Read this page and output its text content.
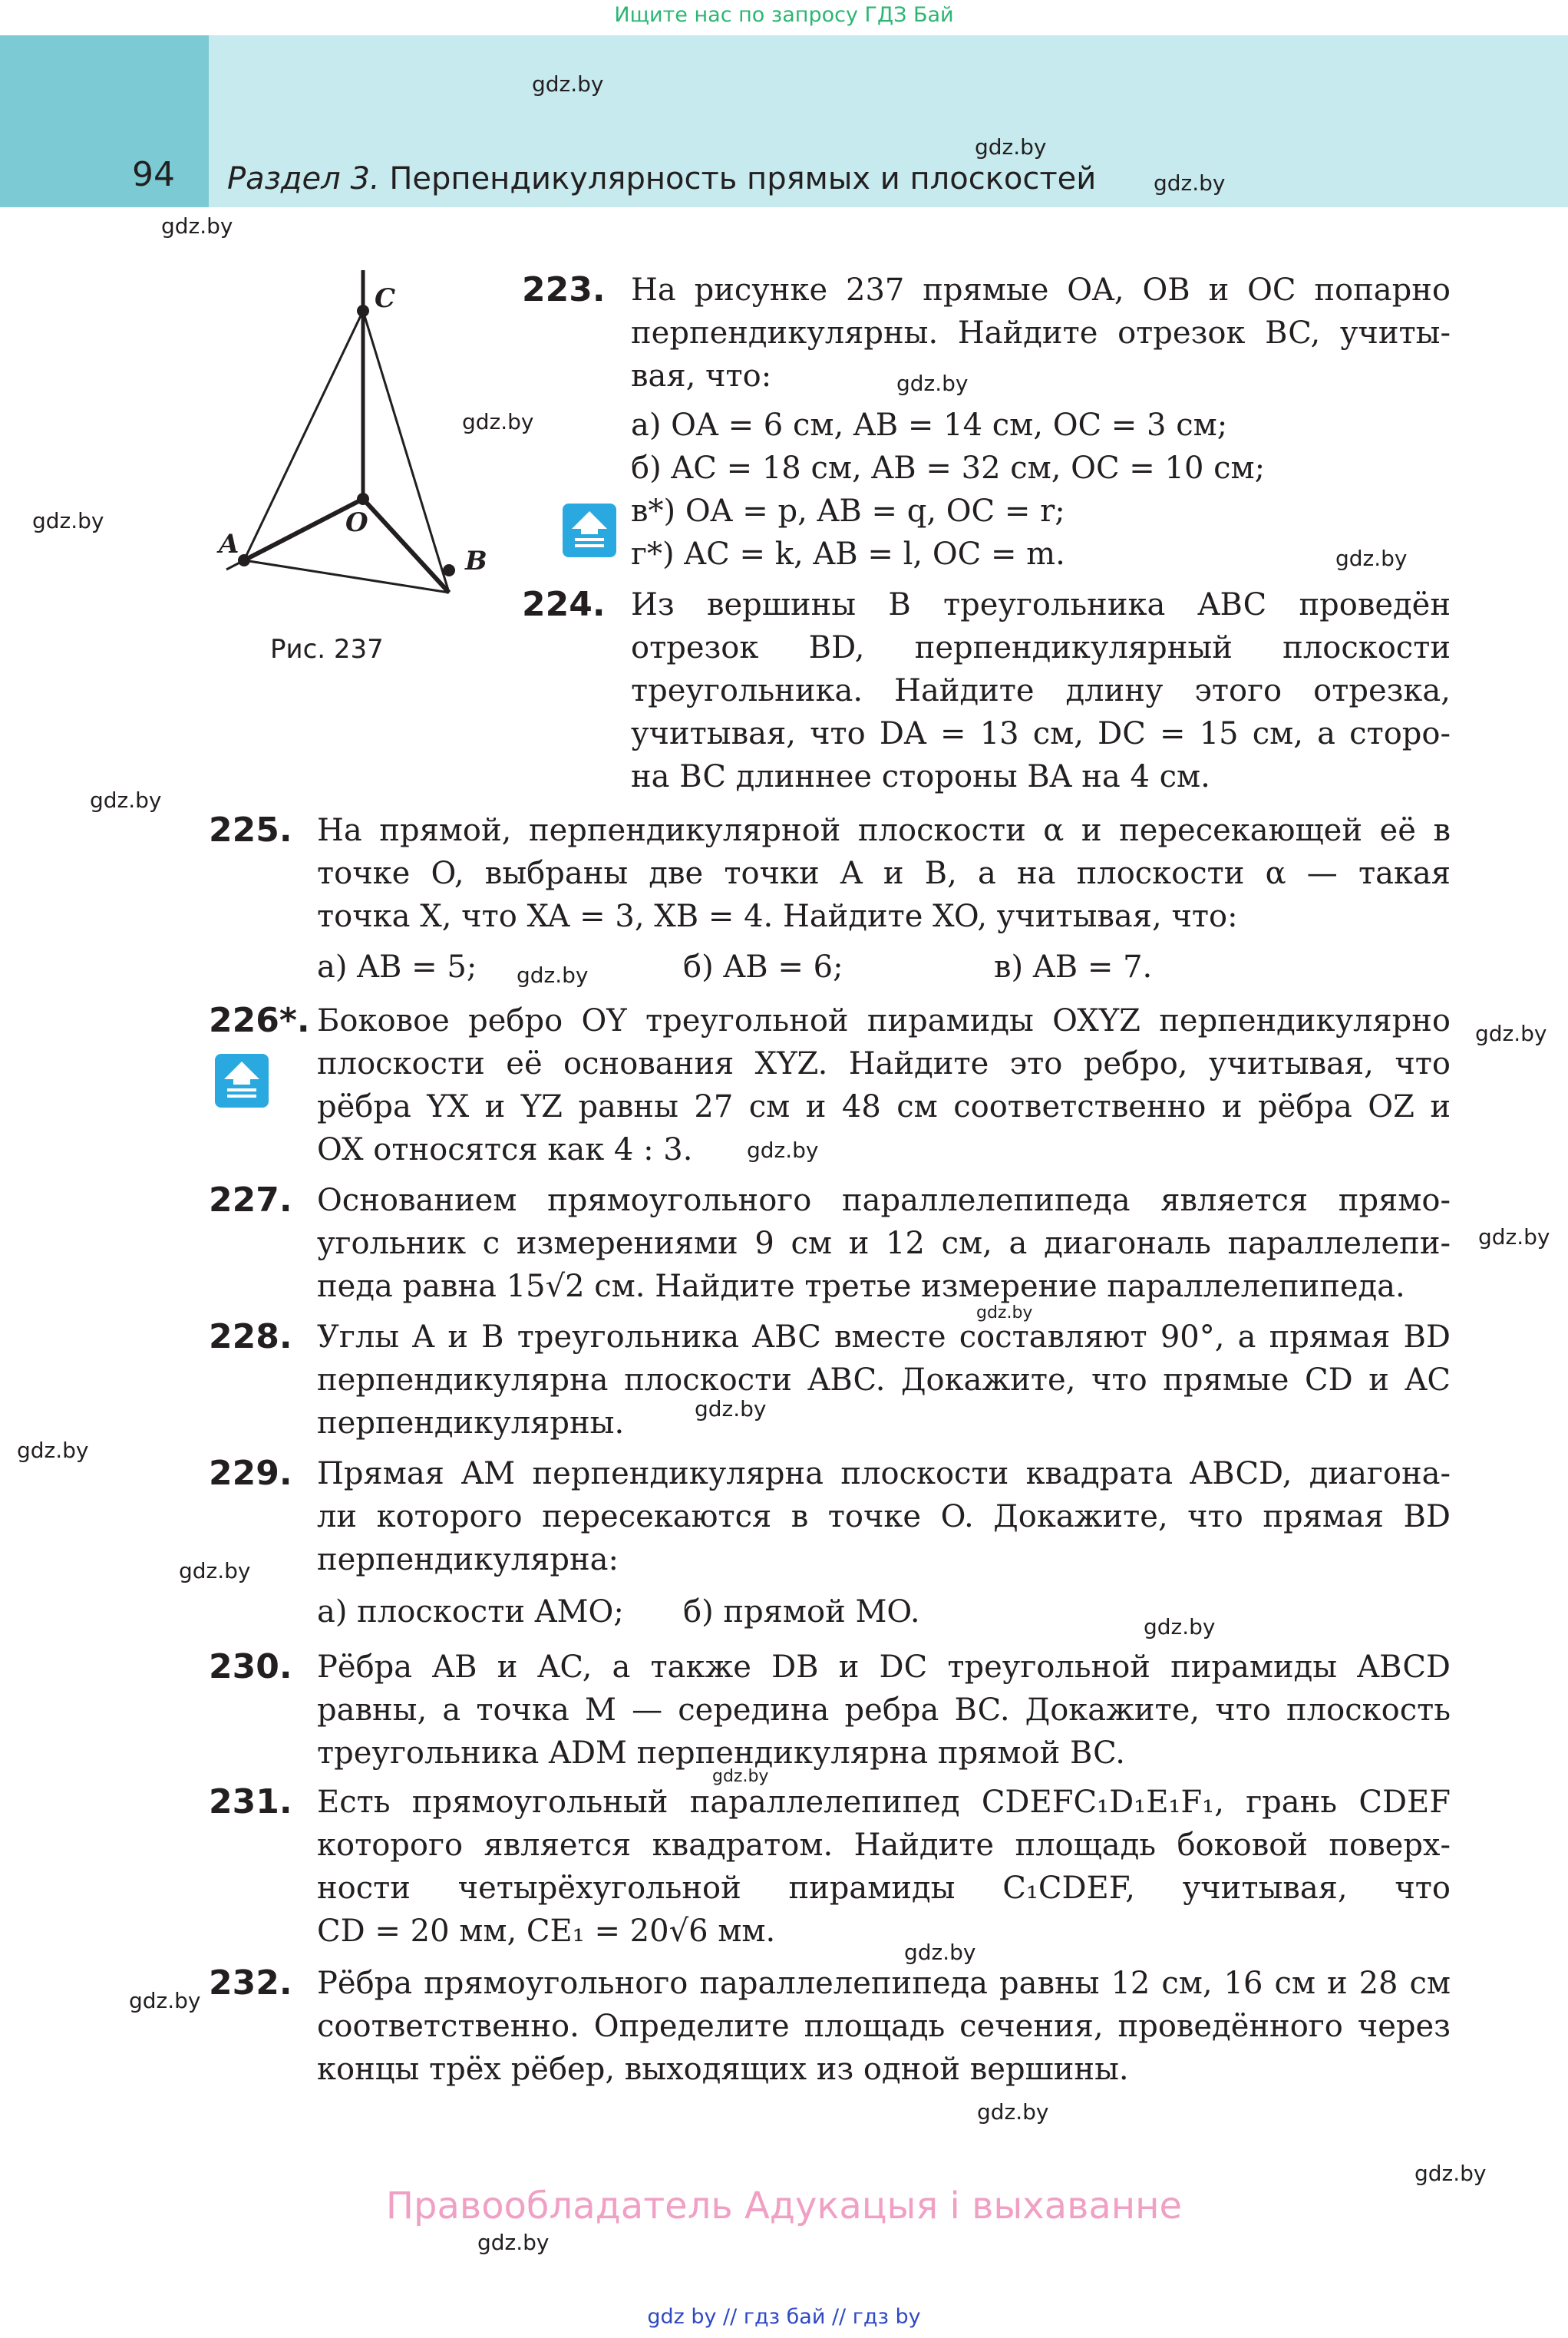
Ищите нас по запросу ГДЗ Бай
94 Раздел 3. Перпендикулярность прямых и плоскостей
gdz.by
gdz.by
gdz.by
gdz.by
gdz.by
gdz.by
gdz.by
gdz.by
gdz.by
gdz.by
gdz.by
gdz.by
gdz.by
gdz.by
gdz.by
gdz.by
gdz.by
gdz.by
gdz.by
gdz.by
gdz.by
gdz.by
gdz.by
gdz.by
C
O
A
B
Рис. 237
223. На рисунке 237 прямые OA, OB и OC попарно
перпендикулярны. Найдите отрезок BC, учиты-
вая, что:
а) OA = 6 см, AB = 14 см, OC = 3 см;
б) AC = 18 см, AB = 32 см, OC = 10 см;
в*) OA = p, AB = q, OC = r;
г*) AC = k, AB = l, OC = m.
224. Из вершины B треугольника ABC проведён
отрезок BD, перпендикулярный плоскости
треугольника. Найдите длину этого отрезка,
учитывая, что DA = 13 см, DC = 15 см, а сторо-
на BC длиннее стороны BA на 4 см.
225. На прямой, перпендикулярной плоскости α и пересекающей её в
точке O, выбраны две точки A и B, а на плоскости α — такая
точка X, что XA = 3, XB = 4. Найдите XO, учитывая, что:
а) AB = 5;	б) AB = 6;	в) AB = 7.
226*. Боковое ребро OY треугольной пирамиды OXYZ перпендикулярно
плоскости её основания XYZ. Найдите это ребро, учитывая, что
рёбра YX и YZ равны 27 см и 48 см соответственно и рёбра OZ и
OX относятся как 4 : 3.
227. Основанием прямоугольного параллелепипеда является прямо-
угольник с измерениями 9 см и 12 см, а диагональ параллелепи-
педа равна 15√2 см. Найдите третье измерение параллелепипеда.
228. Углы A и B треугольника ABC вместе составляют 90°, а прямая BD
перпендикулярна плоскости ABC. Докажите, что прямые CD и AC
перпендикулярны.
229. Прямая AM перпендикулярна плоскости квадрата ABCD, диагона-
ли которого пересекаются в точке O. Докажите, что прямая BD
перпендикулярна:
а) плоскости AMO; б) прямой MO.
230. Рёбра AB и AC, а также DB и DC треугольной пирамиды ABCD
равны, а точка M — середина ребра BC. Докажите, что плоскость
треугольника ADM перпендикулярна прямой BC.
231. Есть прямоугольный параллелепипед CDEFC₁D₁E₁F₁, грань CDEF
которого является квадратом. Найдите площадь боковой поверх-
ности четырёхугольной пирамиды C₁CDEF, учитывая, что
CD = 20 мм, CE₁ = 20√6 мм.
232. Рёбра прямоугольного параллелепипеда равны 12 см, 16 см и 28 см
соответственно. Определите площадь сечения, проведённого через
концы трёх рёбер, выходящих из одной вершины.
Правообладатель Адукацыя і выхаванне
gdz by // гдз бай // гдз by
